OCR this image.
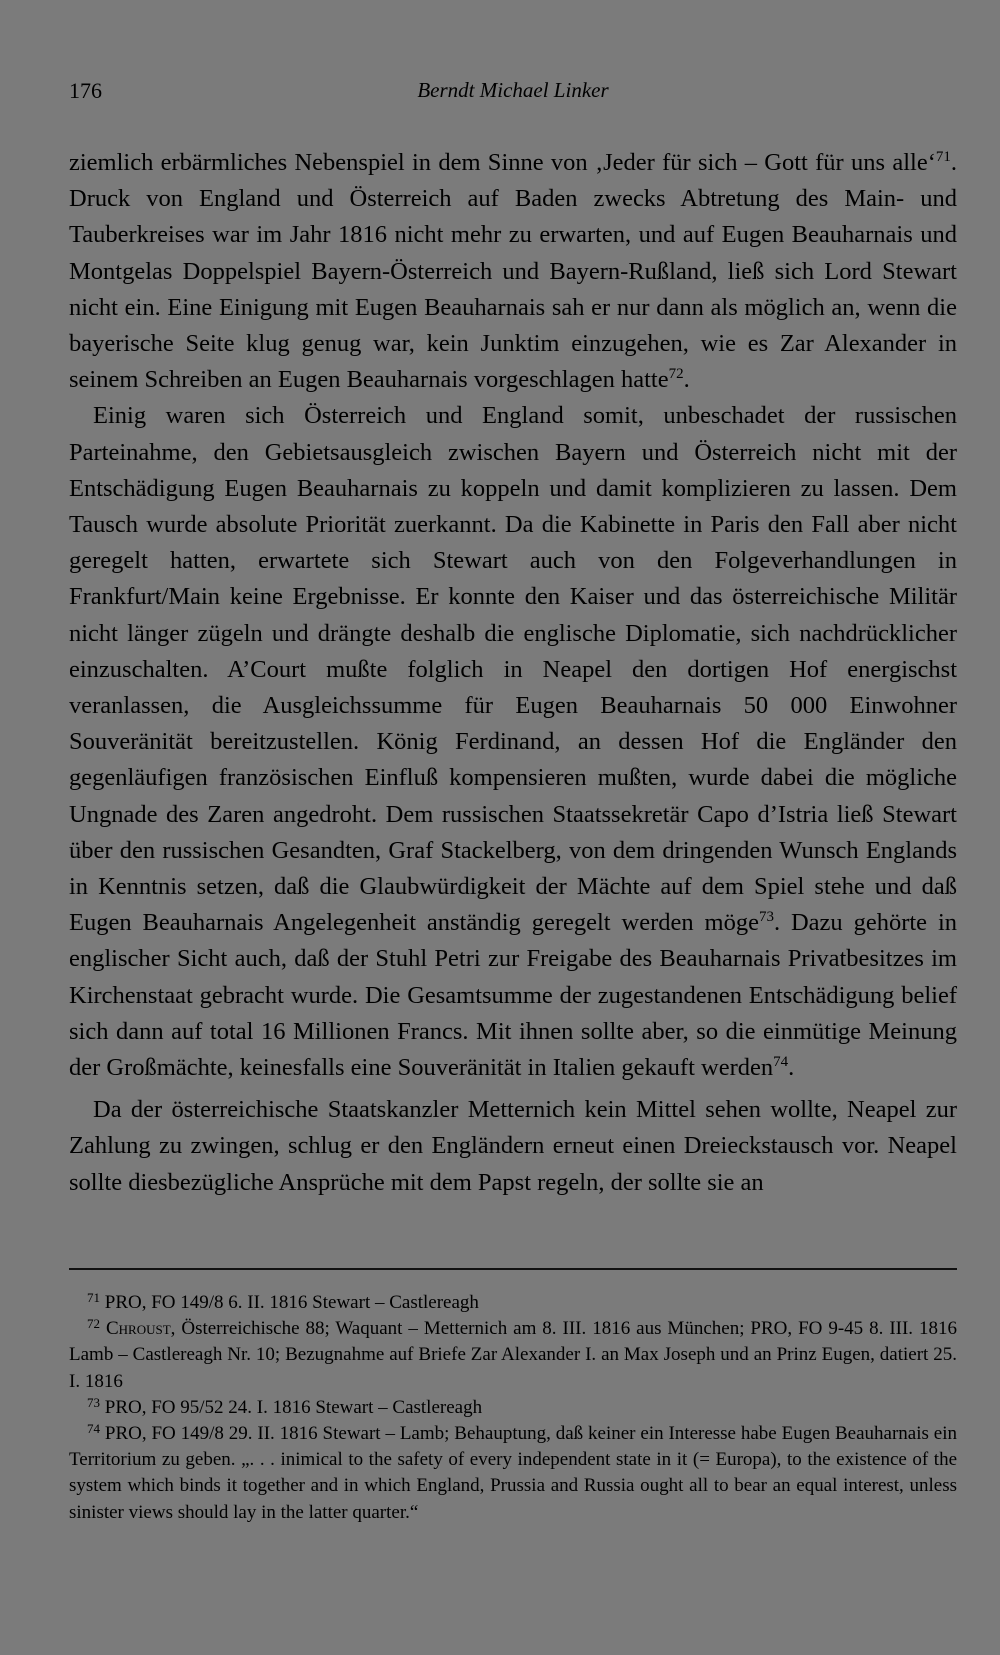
176	Berndt Michael Linker

ziemlich erbärmliches Nebenspiel in dem Sinne von ‚Jeder für sich – Gott für uns alle‘$^{71}$. Druck von England und Österreich auf Baden zwecks Abtretung des Main- und Tauberkreises war im Jahr 1816 nicht mehr zu erwarten, und auf Eugen Beauharnais und Montgelas Doppelspiel Bayern-Österreich und Bayern-Rußland, ließ sich Lord Stewart nicht ein. Eine Einigung mit Eugen Beauharnais sah er nur dann als möglich an, wenn die bayerische Seite klug genug war, kein Junktim einzugehen, wie es Zar Alexander in seinem Schreiben an Eugen Beauharnais vorgeschlagen hatte$^{72}$.

Einig waren sich Österreich und England somit, unbeschadet der russischen Parteinahme, den Gebietsausgleich zwischen Bayern und Österreich nicht mit der Entschädigung Eugen Beauharnais zu koppeln und damit komplizieren zu lassen. Dem Tausch wurde absolute Priorität zuerkannt. Da die Kabinette in Paris den Fall aber nicht geregelt hatten, erwartete sich Stewart auch von den Folgeverhandlungen in Frankfurt/Main keine Ergebnisse. Er konnte den Kaiser und das österreichische Militär nicht länger zügeln und drängte deshalb die englische Diplomatie, sich nachdrücklicher einzuschalten. A’Court mußte folglich in Neapel den dortigen Hof energischst veranlassen, die Ausgleichssumme für Eugen Beauharnais 50 000 Einwohner Souveränität bereitzustellen. König Ferdinand, an dessen Hof die Engländer den gegenläufigen französischen Einfluß kompensieren mußten, wurde dabei die mögliche Ungnade des Zaren angedroht. Dem russischen Staatssekretär Capo d’Istria ließ Stewart über den russischen Gesandten, Graf Stackelberg, von dem dringenden Wunsch Englands in Kenntnis setzen, daß die Glaubwürdigkeit der Mächte auf dem Spiel stehe und daß Eugen Beauharnais Angelegenheit anständig geregelt werden möge$^{73}$. Dazu gehörte in englischer Sicht auch, daß der Stuhl Petri zur Freigabe des Beauharnais Privatbesitzes im Kirchenstaat gebracht wurde. Die Gesamtsumme der zugestandenen Entschädigung belief sich dann auf total 16 Millionen Francs. Mit ihnen sollte aber, so die einmütige Meinung der Großmächte, keinesfalls eine Souveränität in Italien gekauft werden$^{74}$.

Da der österreichische Staatskanzler Metternich kein Mittel sehen wollte, Neapel zur Zahlung zu zwingen, schlug er den Engländern erneut einen Dreieckstausch vor. Neapel sollte diesbezügliche Ansprüche mit dem Papst regeln, der sollte sie an

$^{71}$ PRO, FO 149/8 6. II. 1816 Stewart – Castlereagh

$^{72}$ Chroust, Österreichische 88; Waquant – Metternich am 8. III. 1816 aus München; PRO, FO 9-45 8. III. 1816 Lamb – Castlereagh Nr. 10; Bezugnahme auf Briefe Zar Alexander I. an Max Joseph und an Prinz Eugen, datiert 25. I. 1816

$^{73}$ PRO, FO 95/52 24. I. 1816 Stewart – Castlereagh

$^{74}$ PRO, FO 149/8 29. II. 1816 Stewart – Lamb; Behauptung, daß keiner ein Interesse habe Eugen Beauharnais ein Territorium zu geben. „. . . inimical to the safety of every independent state in it (= Europa), to the existence of the system which binds it together and in which England, Prussia and Russia ought all to bear an equal interest, unless sinister views should lay in the latter quarter.“
